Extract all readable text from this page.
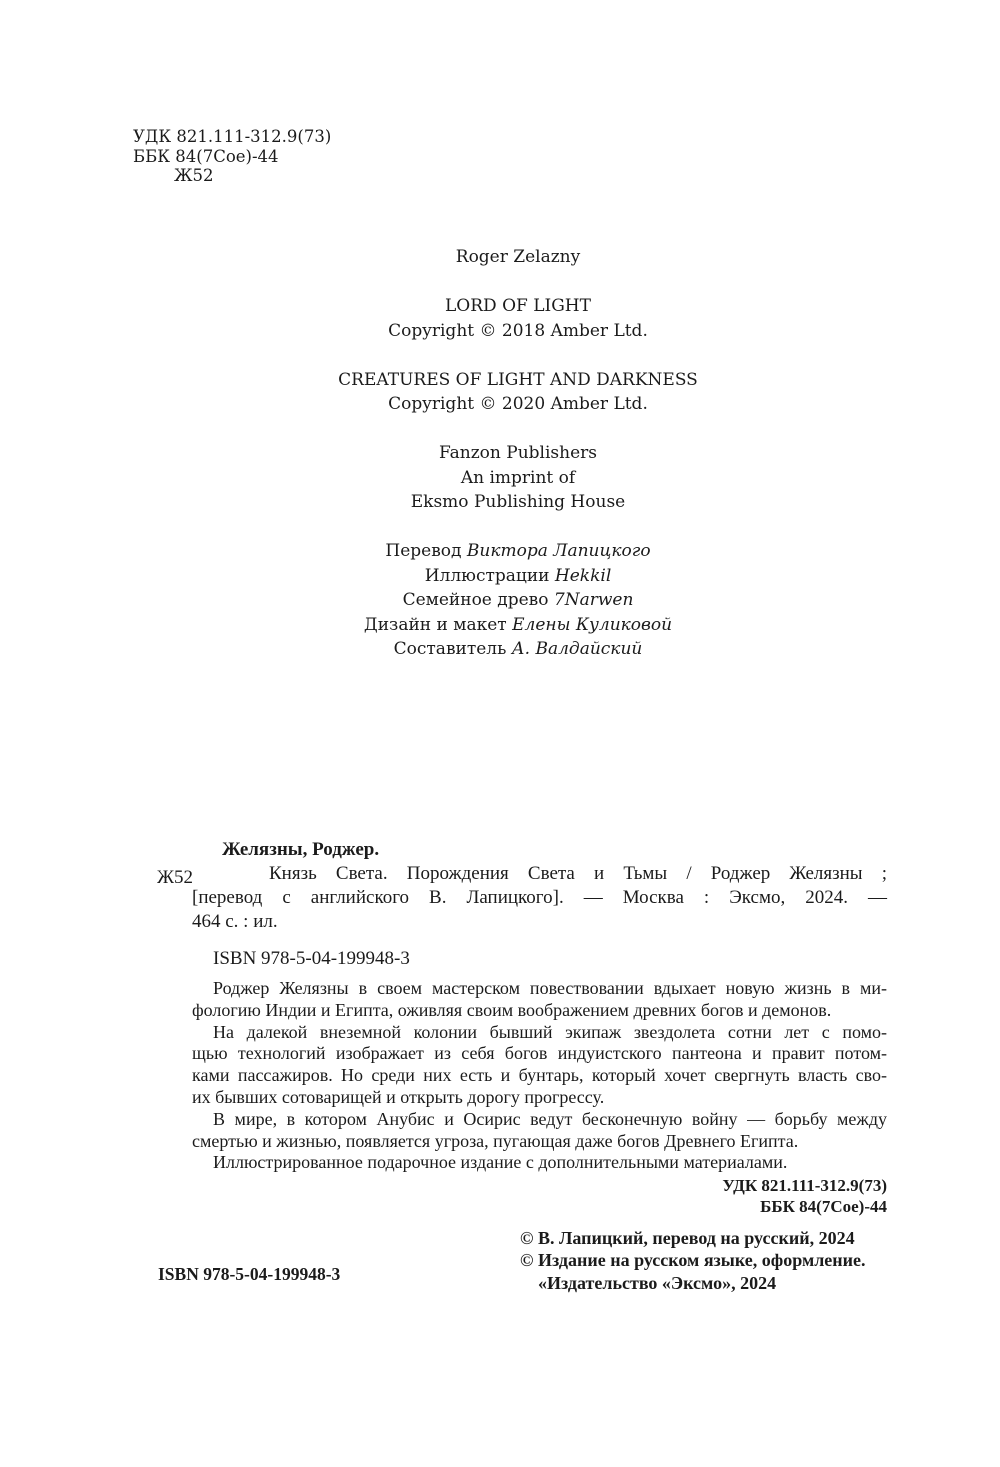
УДК 821.111-312.9(73)
ББК 84(7Сое)-44
Ж52
Roger Zelazny
LORD OF LIGHT
Copyright © 2018 Amber Ltd.
CREATURES OF LIGHT AND DARKNESS
Copyright © 2020 Amber Ltd.
Fanzon Publishers
An imprint of
Eksmo Publishing House
Перевод Виктора Лапицкого
Иллюстрации Hekkil
Семейное древо 7Narwen
Дизайн и макет Елены Куликовой
Составитель А. Валдайский
Ж52
Желязны, Роджер.
Князь Света. Порождения Света и Тьмы / Роджер Желязны ;
[перевод с английского В. Лапицкого]. — Москва : Эксмо, 2024. —
464 с. : ил.
ISBN 978-5-04-199948-3

Роджер Желязны в своем мастерском повествовании вдыхает новую жизнь в ми-
фологию Индии и Египта, оживляя своим воображением древних богов и демонов.

На далекой внеземной колонии бывший экипаж звездолета сотни лет с помо-
щью технологий изображает из себя богов индуистского пантеона и правит потом-
ками пассажиров. Но среди них есть и бунтарь, который хочет свергнуть власть сво-
их бывших сотоварищей и открыть дорогу прогрессу.

В мире, в котором Анубис и Осирис ведут бесконечную войну — борьбу между
смертью и жизнью, появляется угроза, пугающая даже богов Древнего Египта.

Иллюстрированное подарочное издание с дополнительными материалами.

УДК 821.111-312.9(73)
ББК 84(7Сое)-44
ISBN 978-5-04-199948-3
© В. Лапицкий, перевод на русский, 2024
© Издание на русском языке, оформление.
«Издательство «Эксмо», 2024
